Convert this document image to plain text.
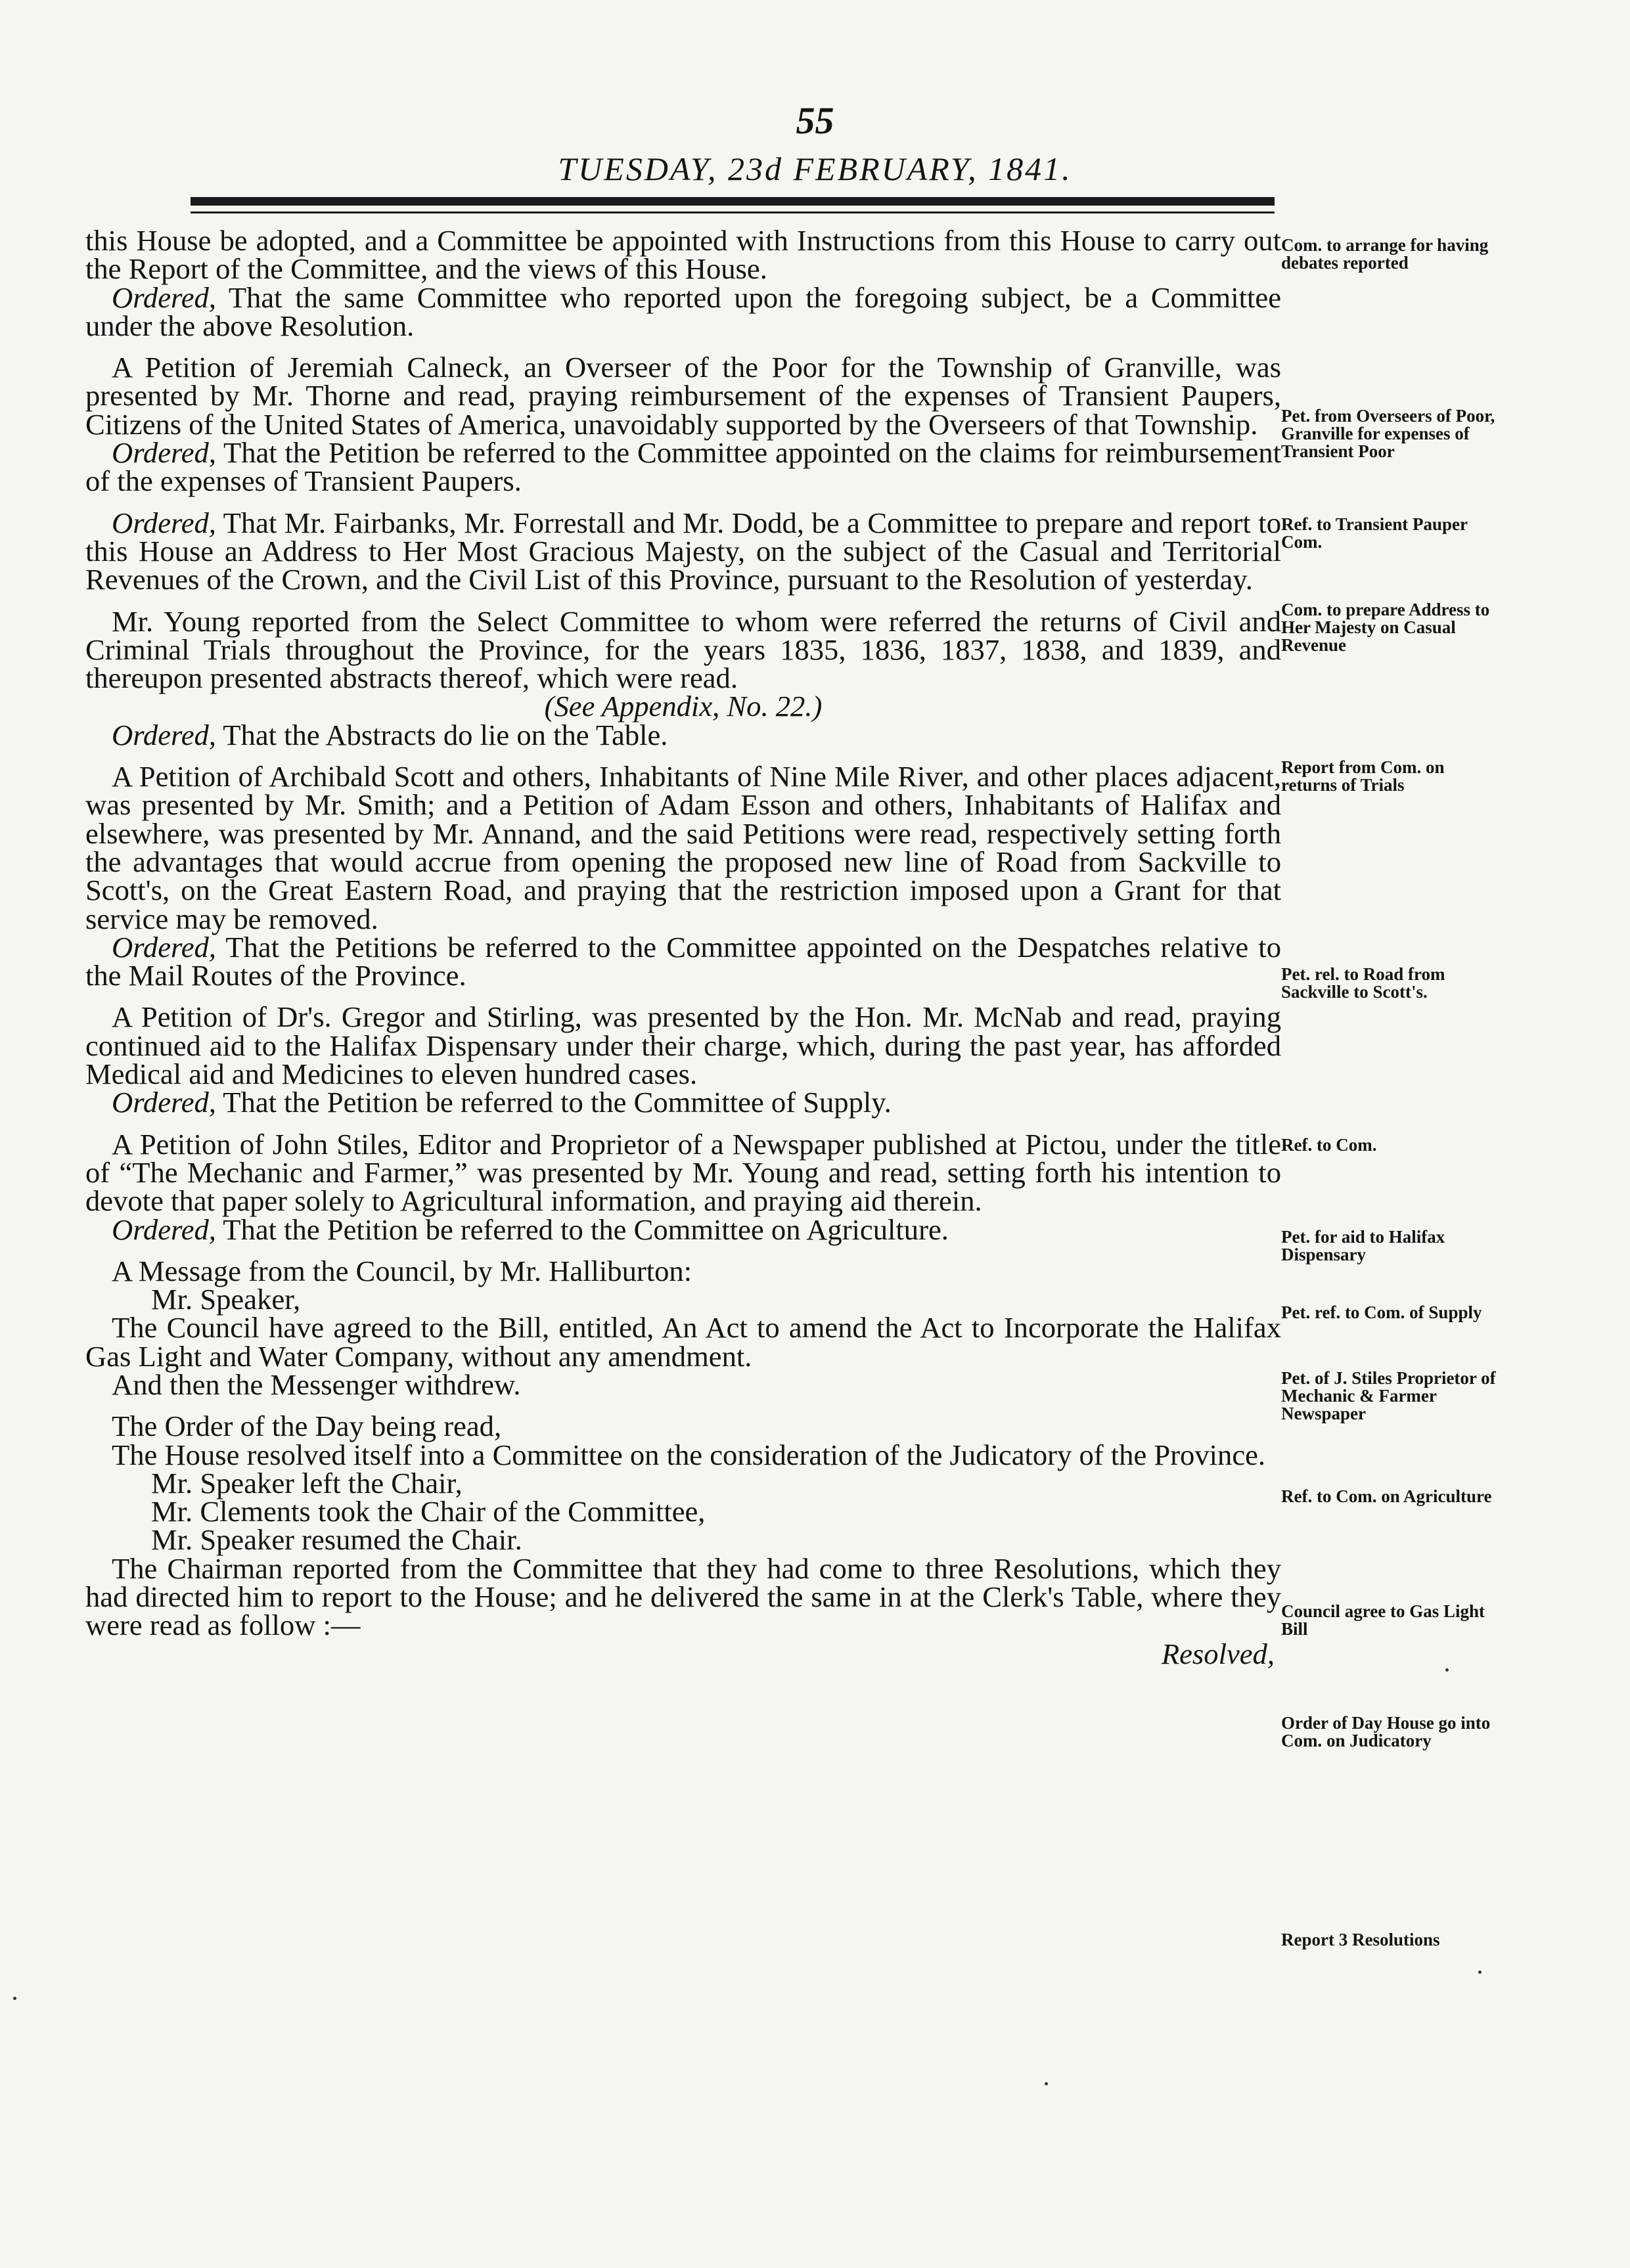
55
TUESDAY, 23d FEBRUARY, 1841.

this House be adopted, and a Committee be appointed with Instructions from this House to carry out the Report of the Committee, and the views of this House.

Ordered, That the same Committee who reported upon the foregoing subject, be a Committee under the above Resolution.

A Petition of Jeremiah Calneck, an Overseer of the Poor for the Township of Granville, was presented by Mr. Thorne and read, praying reimbursement of the expenses of Transient Paupers, Citizens of the United States of America, unavoidably supported by the Overseers of that Township.

Ordered, That the Petition be referred to the Committee appointed on the claims for reimbursement of the expenses of Transient Paupers.

Ordered, That Mr. Fairbanks, Mr. Forrestall and Mr. Dodd, be a Committee to prepare and report to this House an Address to Her Most Gracious Majesty, on the subject of the Casual and Territorial Revenues of the Crown, and the Civil List of this Province, pursuant to the Resolution of yesterday.

Mr. Young reported from the Select Committee to whom were referred the returns of Civil and Criminal Trials throughout the Province, for the years 1835, 1836, 1837, 1838, and 1839, and thereupon presented abstracts thereof, which were read.

(See Appendix, No. 22.)

Ordered, That the Abstracts do lie on the Table.

A Petition of Archibald Scott and others, Inhabitants of Nine Mile River, and other places adjacent, was presented by Mr. Smith; and a Petition of Adam Esson and others, Inhabitants of Halifax and elsewhere, was presented by Mr. Annand, and the said Petitions were read, respectively setting forth the advantages that would accrue from opening the proposed new line of Road from Sackville to Scott's, on the Great Eastern Road, and praying that the restriction imposed upon a Grant for that service may be removed.

Ordered, That the Petitions be referred to the Committee appointed on the Despatches relative to the Mail Routes of the Province.

A Petition of Dr's. Gregor and Stirling, was presented by the Hon. Mr. McNab and read, praying continued aid to the Halifax Dispensary under their charge, which, during the past year, has afforded Medical aid and Medicines to eleven hundred cases.

Ordered, That the Petition be referred to the Committee of Supply.

A Petition of John Stiles, Editor and Proprietor of a Newspaper published at Pictou, under the title of “The Mechanic and Farmer,” was presented by Mr. Young and read, setting forth his intention to devote that paper solely to Agricultural information, and praying aid therein.

Ordered, That the Petition be referred to the Committee on Agriculture.

A Message from the Council, by Mr. Halliburton:

Mr. Speaker,

The Council have agreed to the Bill, entitled, An Act to amend the Act to Incorporate the Halifax Gas Light and Water Company, without any amendment.

And then the Messenger withdrew.

The Order of the Day being read,

The House resolved itself into a Committee on the consideration of the Judicatory of the Province.

Mr. Speaker left the Chair,

Mr. Clements took the Chair of the Committee,

Mr. Speaker resumed the Chair.

The Chairman reported from the Committee that they had come to three Resolutions, which they had directed him to report to the House; and he delivered the same in at the Clerk's Table, where they were read as follow :—

Resolved,

Com. to arrange for having debates reported
Pet. from Overseers of Poor, Granville for expenses of Transient Poor
Ref. to Transient Pauper Com.
Com. to prepare Address to Her Majesty on Casual Revenue
Report from Com. on returns of Trials
Pet. rel. to Road from Sackville to Scott's.
Ref. to Com.
Pet. for aid to Halifax Dispensary
Pet. ref. to Com. of Supply
Pet. of J. Stiles Proprietor of Mechanic & Farmer Newspaper
Ref. to Com. on Agriculture
Council agree to Gas Light Bill
Order of Day House go into Com. on Judicatory
Report 3 Resolutions
